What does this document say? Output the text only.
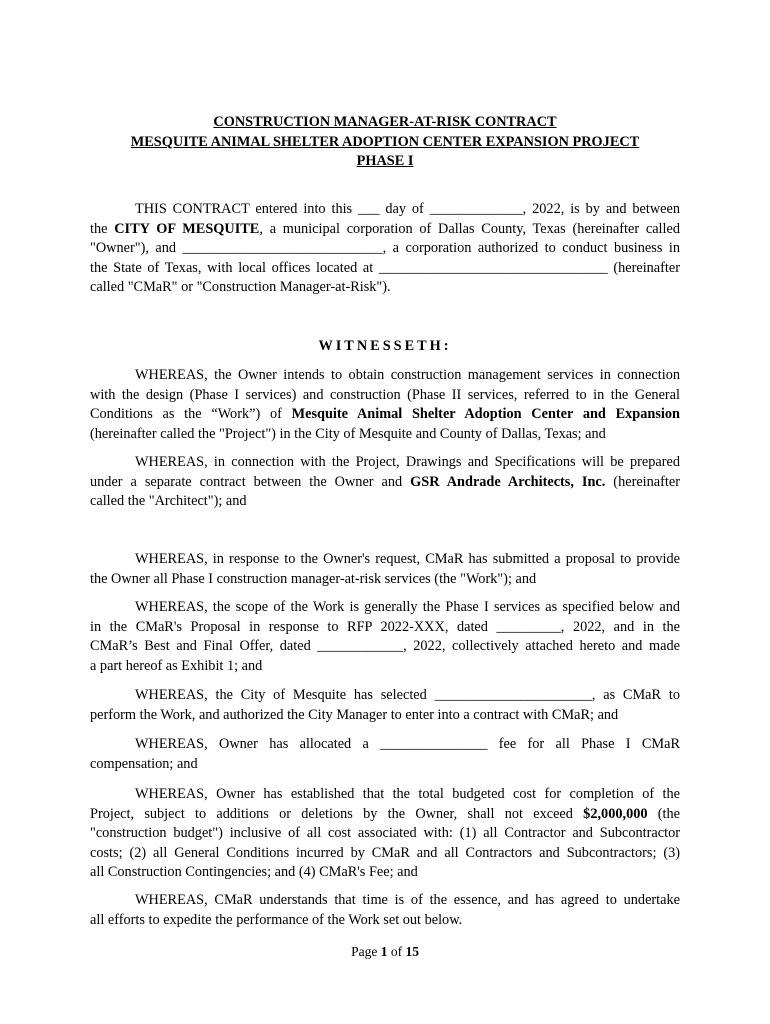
CONSTRUCTION MANAGER-AT-RISK CONTRACT
MESQUITE ANIMAL SHELTER ADOPTION CENTER EXPANSION PROJECT
PHASE I
THIS CONTRACT entered into this ___ day of _____________, 2022, is by and between
the CITY OF MESQUITE, a municipal corporation of Dallas County, Texas (hereinafter called
"Owner"), and ____________________________, a corporation authorized to conduct business in
the State of Texas, with local offices located at ________________________________ (hereinafter
called "CMaR" or "Construction Manager-at-Risk").
WITNESSETH:
WHEREAS, the Owner intends to obtain construction management services in connection
with the design (Phase I services) and construction (Phase II services, referred to in the General
Conditions as the “Work”) of Mesquite Animal Shelter Adoption Center and Expansion
(hereinafter called the "Project") in the City of Mesquite and County of Dallas, Texas; and
WHEREAS, in connection with the Project, Drawings and Specifications will be prepared
under a separate contract between the Owner and GSR Andrade Architects, Inc. (hereinafter
called the "Architect"); and
WHEREAS, in response to the Owner's request, CMaR has submitted a proposal to provide
the Owner all Phase I construction manager-at-risk services (the "Work"); and
WHEREAS, the scope of the Work is generally the Phase I services as specified below and
in the CMaR's Proposal in response to RFP 2022-XXX, dated _________, 2022, and in the
CMaR’s Best and Final Offer, dated ____________, 2022, collectively attached hereto and made
a part hereof as Exhibit 1; and
WHEREAS, the City of Mesquite has selected ______________________, as CMaR to
perform the Work, and authorized the City Manager to enter into a contract with CMaR; and
WHEREAS, Owner has allocated a _______________ fee for all Phase I CMaR
compensation; and
WHEREAS, Owner has established that the total budgeted cost for completion of the
Project, subject to additions or deletions by the Owner, shall not exceed $2,000,000 (the
"construction budget") inclusive of all cost associated with: (1) all Contractor and Subcontractor
costs; (2) all General Conditions incurred by CMaR and all Contractors and Subcontractors; (3)
all Construction Contingencies; and (4) CMaR's Fee; and
WHEREAS, CMaR understands that time is of the essence, and has agreed to undertake
all efforts to expedite the performance of the Work set out below.
Page 1 of 15
